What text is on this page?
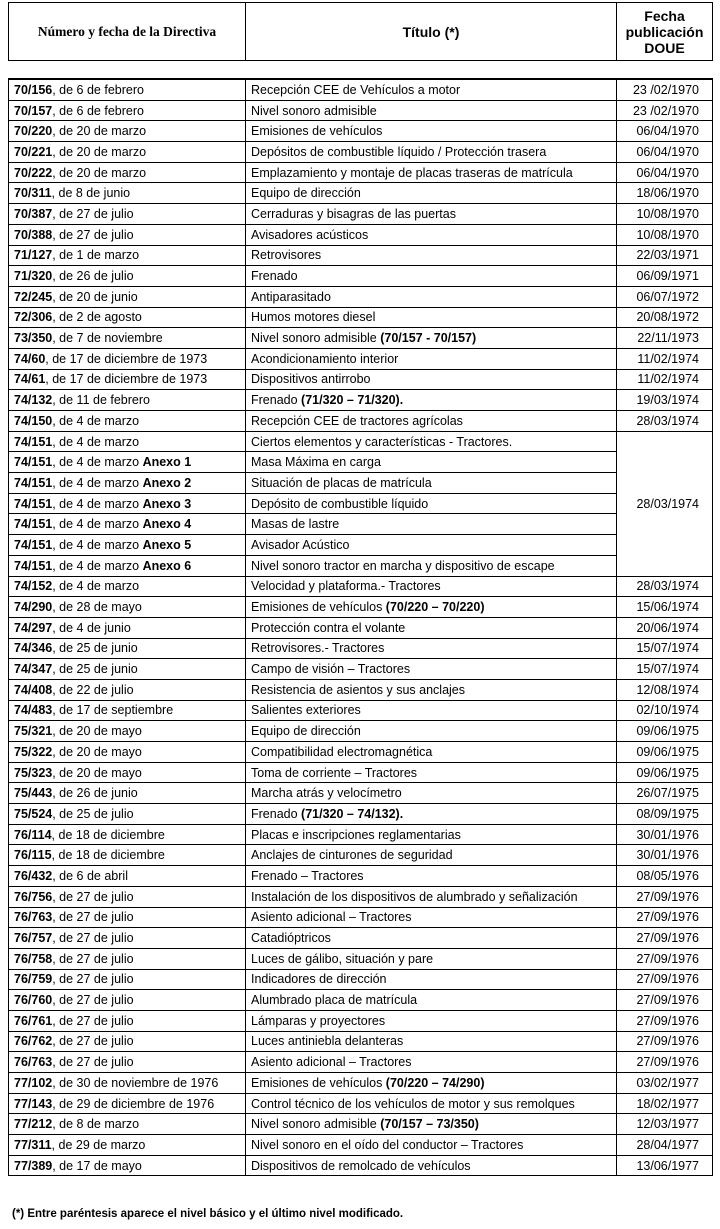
Número y fecha de la Directiva	Título (*)	Fecha
publicación
DOUE
70/156, de 6 de febrero	Recepción CEE de Vehículos a motor	23 /02/1970
70/157, de 6 de febrero	Nivel sonoro admisible	23 /02/1970
70/220, de 20 de marzo	Emisiones de vehículos	06/04/1970
70/221, de 20 de marzo	Depósitos de combustible líquido / Protección trasera	06/04/1970
70/222, de 20 de marzo	Emplazamiento y montaje de placas traseras de matrícula	06/04/1970
70/311, de 8 de junio	Equipo de dirección	18/06/1970
70/387, de 27 de julio	Cerraduras y bisagras de las puertas	10/08/1970
70/388, de 27 de julio	Avisadores acústicos	10/08/1970
71/127, de 1 de marzo	Retrovisores	22/03/1971
71/320, de 26 de julio	Frenado	06/09/1971
72/245, de 20 de junio	Antiparasitado	06/07/1972
72/306, de 2 de agosto	Humos motores diesel	20/08/1972
73/350, de 7 de noviembre	Nivel sonoro admisible (70/157 - 70/157)	22/11/1973
74/60, de 17 de diciembre de 1973	Acondicionamiento interior	11/02/1974
74/61, de 17 de diciembre de 1973	Dispositivos antirrobo	11/02/1974
74/132, de 11 de febrero	Frenado (71/320 – 71/320).	19/03/1974
74/150, de 4 de marzo	Recepción CEE de tractores agrícolas	28/03/1974
74/151, de 4 de marzo	Ciertos elementos y características - Tractores.	28/03/1974
74/151, de 4 de marzo Anexo 1	Masa Máxima en carga	
74/151, de 4 de marzo Anexo 2	Situación de placas de matrícula	
74/151, de 4 de marzo Anexo 3	Depósito de combustible líquido	
74/151, de 4 de marzo Anexo 4	Masas de lastre	
74/151, de 4 de marzo Anexo 5	Avisador Acústico	
74/151, de 4 de marzo Anexo 6	Nivel sonoro tractor en marcha y dispositivo de escape	
74/152, de 4 de marzo	Velocidad y plataforma.- Tractores	28/03/1974
74/290, de 28 de mayo	Emisiones de vehículos (70/220 – 70/220)	15/06/1974
74/297, de 4 de junio	Protección contra el volante	20/06/1974
74/346, de 25 de junio	Retrovisores.- Tractores	15/07/1974
74/347, de 25 de junio	Campo de visión – Tractores	15/07/1974
74/408, de 22 de julio	Resistencia de asientos y sus anclajes	12/08/1974
74/483, de 17 de septiembre	Salientes exteriores	02/10/1974
75/321, de 20 de mayo	Equipo de dirección	09/06/1975
75/322, de 20 de mayo	Compatibilidad electromagnética	09/06/1975
75/323, de 20 de mayo	Toma de corriente – Tractores	09/06/1975
75/443, de 26 de junio	Marcha atrás y velocímetro	26/07/1975
75/524, de 25 de julio	Frenado (71/320 – 74/132).	08/09/1975
76/114, de 18 de diciembre	Placas e inscripciones reglamentarias	30/01/1976
76/115, de 18 de diciembre	Anclajes de cinturones de seguridad	30/01/1976
76/432, de 6 de abril	Frenado – Tractores	08/05/1976
76/756, de 27 de julio	Instalación de los dispositivos de alumbrado y señalización	27/09/1976
76/763, de 27 de julio	Asiento adicional – Tractores	27/09/1976
76/757, de 27 de julio	Catadióptricos	27/09/1976
76/758, de 27 de julio	Luces de gálibo, situación y pare	27/09/1976
76/759, de 27 de julio	Indicadores de dirección	27/09/1976
76/760, de 27 de julio	Alumbrado placa de matrícula	27/09/1976
76/761, de 27 de julio	Lámparas y proyectores	27/09/1976
76/762, de 27 de julio	Luces antiniebla delanteras	27/09/1976
76/763, de 27 de julio	Asiento adicional – Tractores	27/09/1976
77/102, de 30 de noviembre de 1976	Emisiones de vehículos (70/220 – 74/290)	03/02/1977
77/143, de 29 de diciembre de 1976	Control técnico de los vehículos de motor y sus remolques	18/02/1977
77/212, de 8 de marzo	Nivel sonoro admisible (70/157 – 73/350)	12/03/1977
77/311, de 29 de marzo	Nivel sonoro en el oído del conductor – Tractores	28/04/1977
77/389, de 17 de mayo	Dispositivos de remolcado de vehículos	13/06/1977
(*) Entre paréntesis aparece el nivel básico y el último nivel modificado.
